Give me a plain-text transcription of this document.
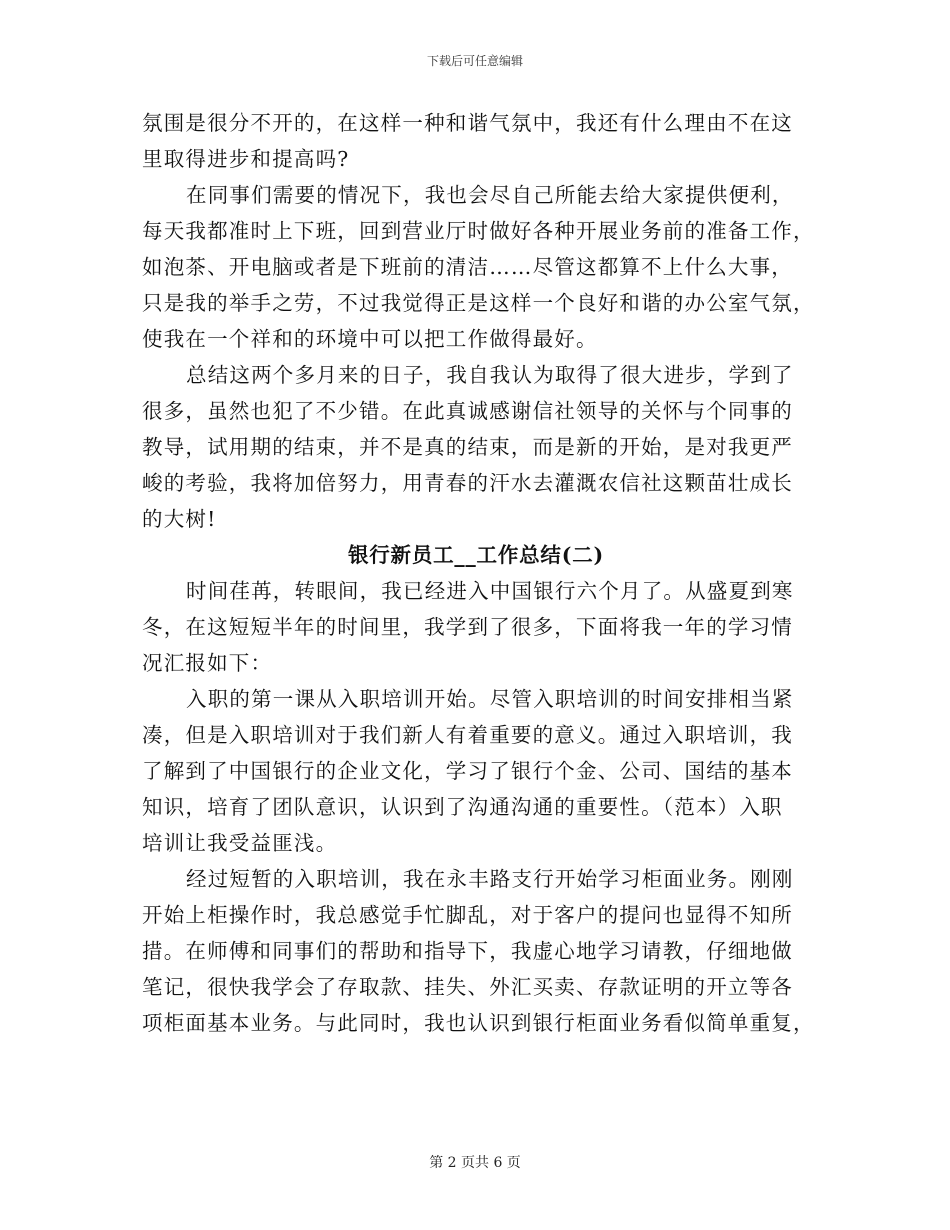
下载后可任意编辑
氛围是很分不开的，在这样一种和谐气氛中，我还有什么理由不在这
里取得进步和提高吗?
在同事们需要的情况下，我也会尽自己所能去给大家提供便利，
每天我都准时上下班，回到营业厅时做好各种开展业务前的准备工作，
如泡茶、开电脑或者是下班前的清洁……尽管这都算不上什么大事，
只是我的举手之劳，不过我觉得正是这样一个良好和谐的办公室气氛，
使我在一个祥和的环境中可以把工作做得最好。
总结这两个多月来的日子，我自我认为取得了很大进步，学到了
很多，虽然也犯了不少错。在此真诚感谢信社领导的关怀与个同事的
教导，试用期的结束，并不是真的结束，而是新的开始，是对我更严
峻的考验，我将加倍努力，用青春的汗水去灌溉农信社这颗苗壮成长
的大树!
银行新员工__工作总结(二)
时间荏苒，转眼间，我已经进入中国银行六个月了。从盛夏到寒
冬，在这短短半年的时间里，我学到了很多，下面将我一年的学习情
况汇报如下：
入职的第一课从入职培训开始。尽管入职培训的时间安排相当紧
凑，但是入职培训对于我们新人有着重要的意义。通过入职培训，我
了解到了中国银行的企业文化，学习了银行个金、公司、国结的基本
知识，培育了团队意识，认识到了沟通沟通的重要性。（范本）入职
培训让我受益匪浅。
经过短暂的入职培训，我在永丰路支行开始学习柜面业务。刚刚
开始上柜操作时，我总感觉手忙脚乱，对于客户的提问也显得不知所
措。在师傅和同事们的帮助和指导下，我虚心地学习请教，仔细地做
笔记，很快我学会了存取款、挂失、外汇买卖、存款证明的开立等各
项柜面基本业务。与此同时，我也认识到银行柜面业务看似简单重复，
第 2 页共 6 页
